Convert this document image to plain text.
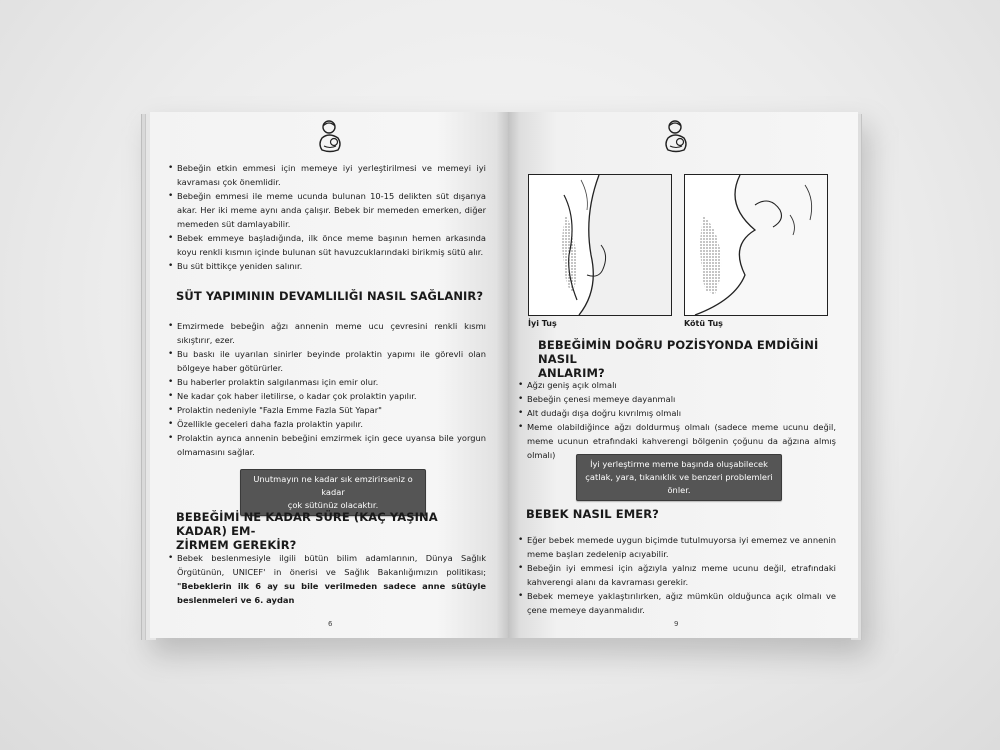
• Bebeğin etkin emmesi için memeye iyi yerleştirilmesi ve memeyi iyi kavraması çok önemlidir.
• Bebeğin emmesi ile meme ucunda bulunan 10-15 delikten süt dışarıya akar. Her iki meme aynı anda çalışır. Bebek bir memeden emerken, diğer memeden süt damlayabilir.
• Bebek emmeye başladığında, ilk önce meme başının hemen arkasında koyu renkli kısmın içinde bulunan süt havuzcuklarındaki birikmiş sütü alır.
• Bu süt bittikçe yeniden salınır.
SÜT YAPIMININ DEVAMLILIĞI NASIL SAĞLANIR?
• Emzirmede bebeğin ağzı annenin meme ucu çevresini renkli kısmı sıkıştırır, ezer.
• Bu baskı ile uyarılan sinirler beyinde prolaktin yapımı ile görevli olan bölgeye haber götürürler.
• Bu haberler prolaktin salgılanması için emir olur.
• Ne kadar çok haber iletilirse, o kadar çok prolaktin yapılır.
• Prolaktin nedeniyle "Fazla Emme Fazla Süt Yapar"
• Özellikle geceleri daha fazla prolaktin yapılır.
• Prolaktin ayrıca annenin bebeğini emzirmek için gece uyansa bile yorgun olmamasını sağlar.
Unutmayın ne kadar sık emzirirseniz o kadar
çok sütünüz olacaktır.
BEBEĞİMİ NE KADAR SÜRE (KAÇ YAŞINA KADAR) EM-
ZİRMEM GEREKİR?
• Bebek beslenmesiyle ilgili bütün bilim adamlarının, Dünya Sağlık Örgütünün, UNICEF' in önerisi ve Sağlık Bakanlığımızın politikası; "Bebeklerin ilk 6 ay su bile verilmeden sadece anne sütüyle beslenmeleri ve 6. aydan
6
İyi Tuş	Kötü Tuş
BEBEĞİMİN DOĞRU POZİSYONDA EMDİĞİNİ NASIL
ANLARIM?
• Ağzı geniş açık olmalı
• Bebeğin çenesi memeye dayanmalı
• Alt dudağı dışa doğru kıvrılmış olmalı
• Meme olabildiğince ağzı doldurmuş olmalı (sadece meme ucunu değil, meme ucunun etrafındaki kahverengi bölgenin çoğunu da ağzına almış olmalı)
İyi yerleştirme meme başında oluşabilecek
çatlak, yara, tıkanıklık ve benzeri problemleri önler.
BEBEK NASIL EMER?
• Eğer bebek memede uygun biçimde tutulmuyorsa iyi ememez ve annenin meme başları zedelenip acıyabilir.
• Bebeğin iyi emmesi için ağzıyla yalnız meme ucunu değil, etrafındaki kahverengi alanı da kavraması gerekir.
• Bebek memeye yaklaştırılırken, ağız mümkün olduğunca açık olmalı ve çene memeye dayanmalıdır.
9
